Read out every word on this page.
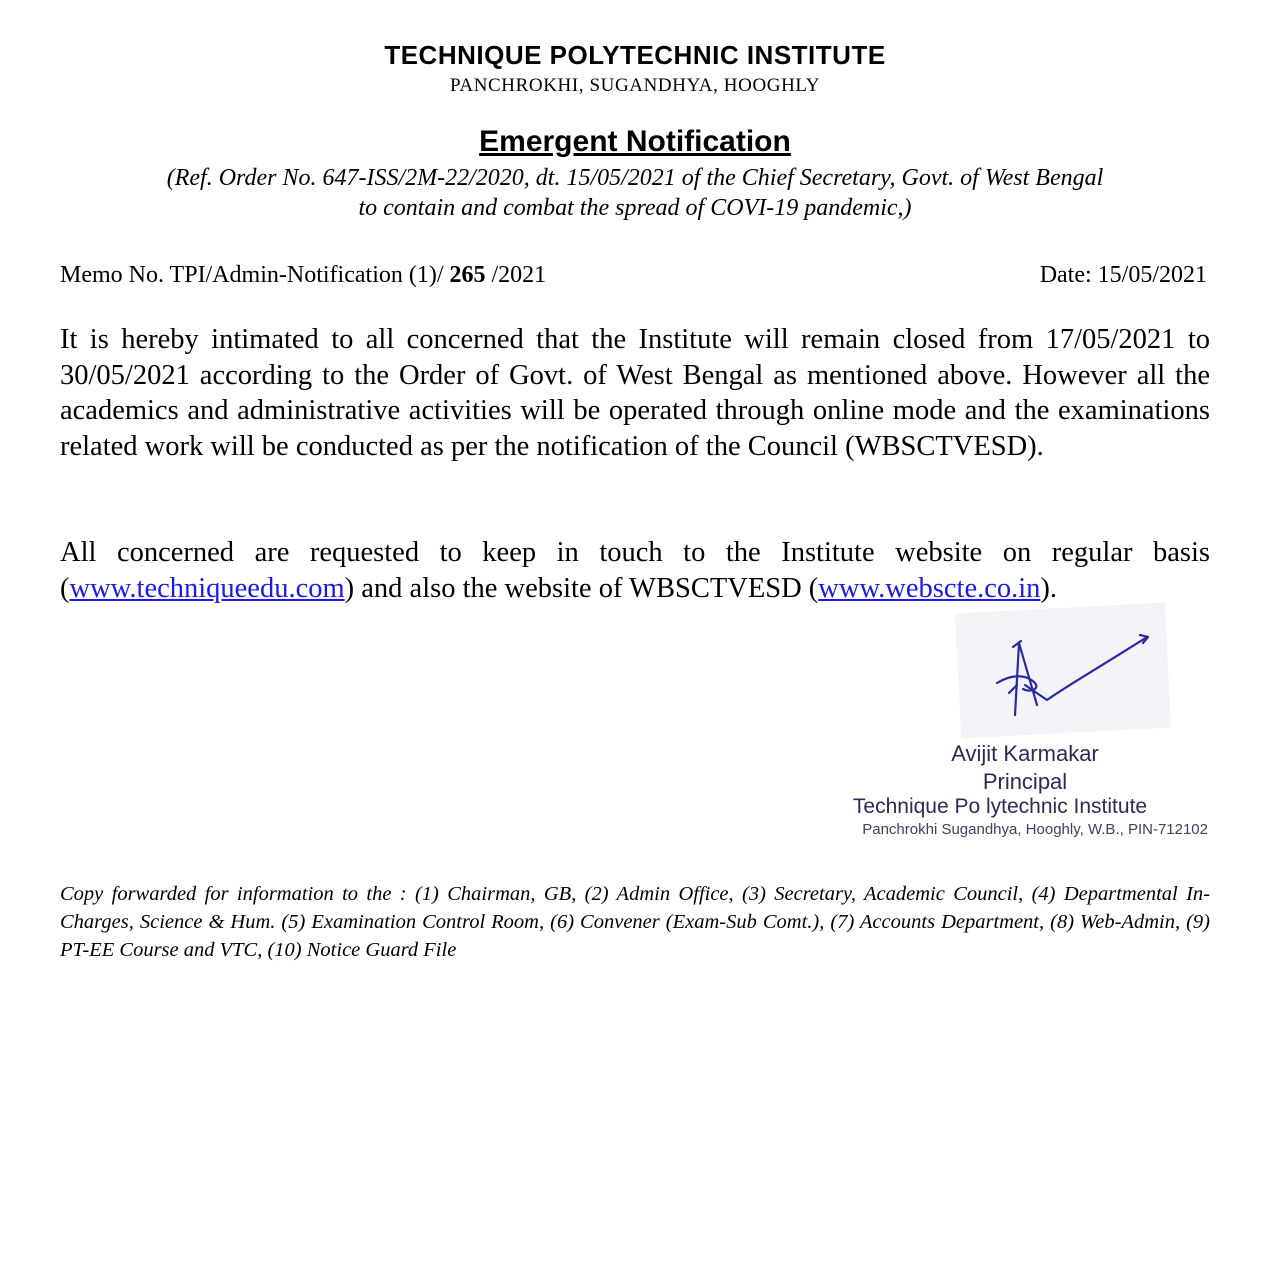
TECHNIQUE POLYTECHNIC INSTITUTE
PANCHROKHI, SUGANDHYA, HOOGHLY
Emergent Notification
(Ref. Order No. 647-ISS/2M-22/2020, dt. 15/05/2021 of the Chief Secretary, Govt. of West Bengal
to contain and combat the spread of COVI-19 pandemic,)
Memo No. TPI/Admin-Notification (1)/ 265 /2021	Date: 15/05/2021
It is hereby intimated to all concerned that the Institute will remain closed from 17/05/2021 to 30/05/2021 according to the Order of Govt. of West Bengal as mentioned above. However all the academics and administrative activities will be operated through online mode and the examinations related work will be conducted as per the notification of the Council (WBSCTVESD).
All concerned are requested to keep in touch to the Institute website on regular basis (www.techniqueedu.com) and also the website of WBSCTVESD (www.webscte.co.in).
Avijit Karmakar
Principal
Technique Po lytechnic Institute
Panchrokhi Sugandhya, Hooghly, W.B., PIN-712102
Copy forwarded for information to the : (1) Chairman, GB, (2) Admin Office, (3) Secretary, Academic Council, (4) Departmental In-Charges, Science & Hum. (5) Examination Control Room, (6) Convener (Exam-Sub Comt.), (7) Accounts Department, (8) Web-Admin, (9) PT-EE Course and VTC, (10) Notice Guard File
